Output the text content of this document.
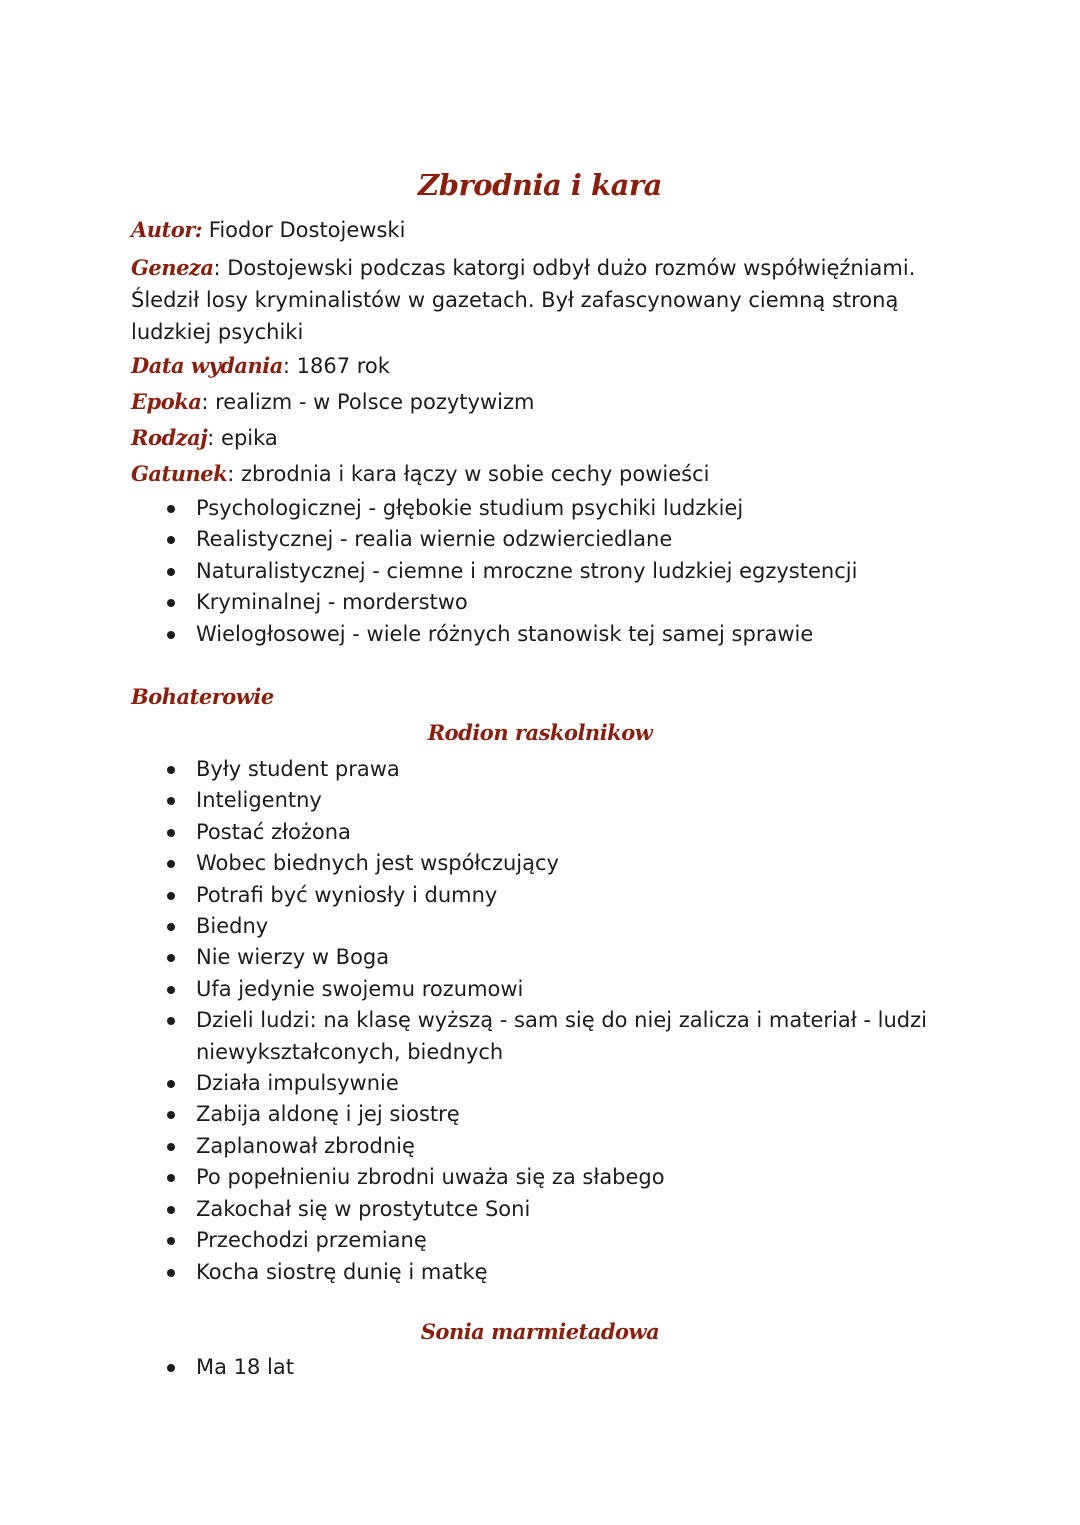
Zbrodnia i kara
Autor: Fiodor Dostojewski
Geneza: Dostojewski podczas katorgi odbył dużo rozmów współwięźniami. Śledził losy kryminalistów w gazetach. Był zafascynowany ciemną stroną ludzkiej psychiki
Data wydania: 1867 rok
Epoka: realizm - w Polsce pozytywizm
Rodzaj: epika
Gatunek: zbrodnia i kara łączy w sobie cechy powieści
Psychologicznej - głębokie studium psychiki ludzkiej
Realistycznej - realia wiernie odzwierciedlane
Naturalistycznej - ciemne i mroczne strony ludzkiej egzystencji
Kryminalnej - morderstwo
Wielogłosowej - wiele różnych stanowisk tej samej sprawie
Bohaterowie
Rodion raskolnikow
Były student prawa
Inteligentny
Postać złożona
Wobec biednych jest współczujący
Potrafi być wyniosły i dumny
Biedny
Nie wierzy w Boga
Ufa jedynie swojemu rozumowi
Dzieli ludzi: na klasę wyższą - sam się do niej zalicza i materiał - ludzi niewykształconych, biednych
Działa impulsywnie
Zabija aldonę i jej siostrę
Zaplanował zbrodnię
Po popełnieniu zbrodni uważa się za słabego
Zakochał się w prostytutce Soni
Przechodzi przemianę
Kocha siostrę dunię i matkę
Sonia marmietadowa
Ma 18 lat
